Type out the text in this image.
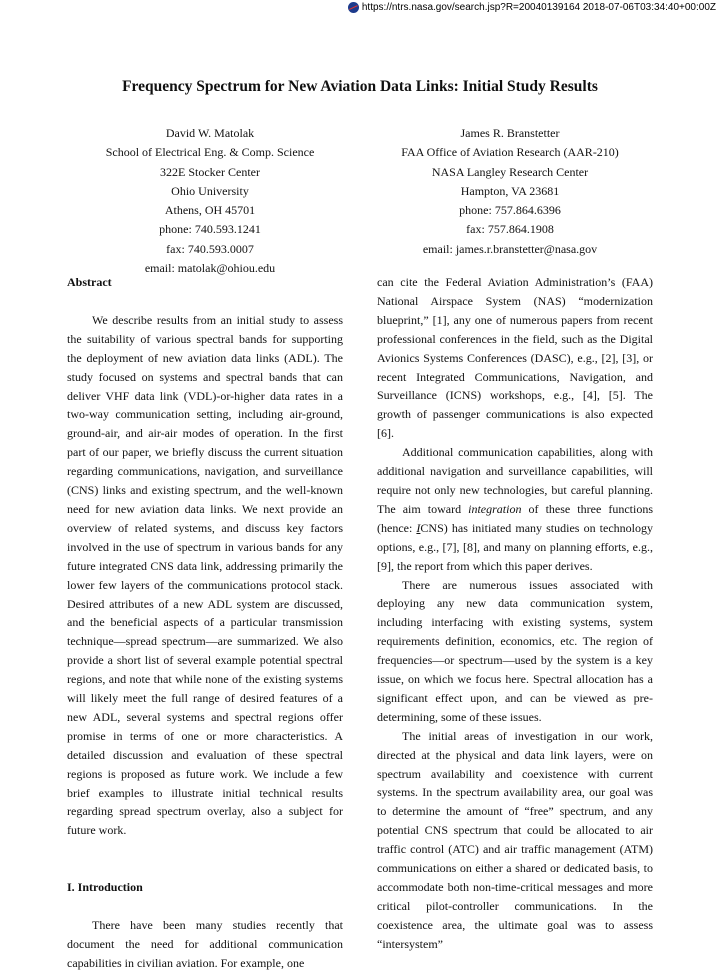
https://ntrs.nasa.gov/search.jsp?R=20040139164 2018-07-06T03:34:40+00:00Z
Frequency Spectrum for New Aviation Data Links: Initial Study Results
David W. Matolak
School of Electrical Eng. & Comp. Science
322E Stocker Center
Ohio University
Athens, OH 45701
phone: 740.593.1241
fax: 740.593.0007
email: matolak@ohiou.edu
James R. Branstetter
FAA Office of Aviation Research (AAR-210)
NASA Langley Research Center
Hampton, VA 23681
phone: 757.864.6396
fax: 757.864.1908
email: james.r.branstetter@nasa.gov

Abstract

We describe results from an initial study to assess the suitability of various spectral bands for supporting the deployment of new aviation data links (ADL). The study focused on systems and spectral bands that can deliver VHF data link (VDL)-or-higher data rates in a two-way communication setting, including air-ground, ground-air, and air-air modes of operation. In the first part of our paper, we briefly discuss the current situation regarding communications, navigation, and surveillance (CNS) links and existing spectrum, and the well-known need for new aviation data links. We next provide an overview of related systems, and discuss key factors involved in the use of spectrum in various bands for any future integrated CNS data link, addressing primarily the lower few layers of the communications protocol stack. Desired attributes of a new ADL system are discussed, and the beneficial aspects of a particular transmission technique—spread spectrum—are summarized. We also provide a short list of several example potential spectral regions, and note that while none of the existing systems will likely meet the full range of desired features of a new ADL, several systems and spectral regions offer promise in terms of one or more characteristics. A detailed discussion and evaluation of these spectral regions is proposed as future work. We include a few brief examples to illustrate initial technical results regarding spread spectrum overlay, also a subject for future work.

I. Introduction

There have been many studies recently that document the need for additional communication capabilities in civilian aviation. For example, one

can cite the Federal Aviation Administration’s (FAA) National Airspace System (NAS) “modernization blueprint,” [1], any one of numerous papers from recent professional conferences in the field, such as the Digital Avionics Systems Conferences (DASC), e.g., [2], [3], or recent Integrated Communications, Navigation, and Surveillance (ICNS) workshops, e.g., [4], [5]. The growth of passenger communications is also expected [6].

Additional communication capabilities, along with additional navigation and surveillance capabilities, will require not only new technologies, but careful planning. The aim toward integration of these three functions (hence: ICNS) has initiated many studies on technology options, e.g., [7], [8], and many on planning efforts, e.g., [9], the report from which this paper derives.

There are numerous issues associated with deploying any new data communication system, including interfacing with existing systems, system requirements definition, economics, etc. The region of frequencies—or spectrum—used by the system is a key issue, on which we focus here. Spectral allocation has a significant effect upon, and can be viewed as pre-determining, some of these issues.

The initial areas of investigation in our work, directed at the physical and data link layers, were on spectrum availability and coexistence with current systems. In the spectrum availability area, our goal was to determine the amount of “free” spectrum, and any potential CNS spectrum that could be allocated to air traffic control (ATC) and air traffic management (ATM) communications on either a shared or dedicated basis, to accommodate both non-time-critical messages and more critical pilot-controller communications. In the coexistence area, the ultimate goal was to assess “intersystem”
